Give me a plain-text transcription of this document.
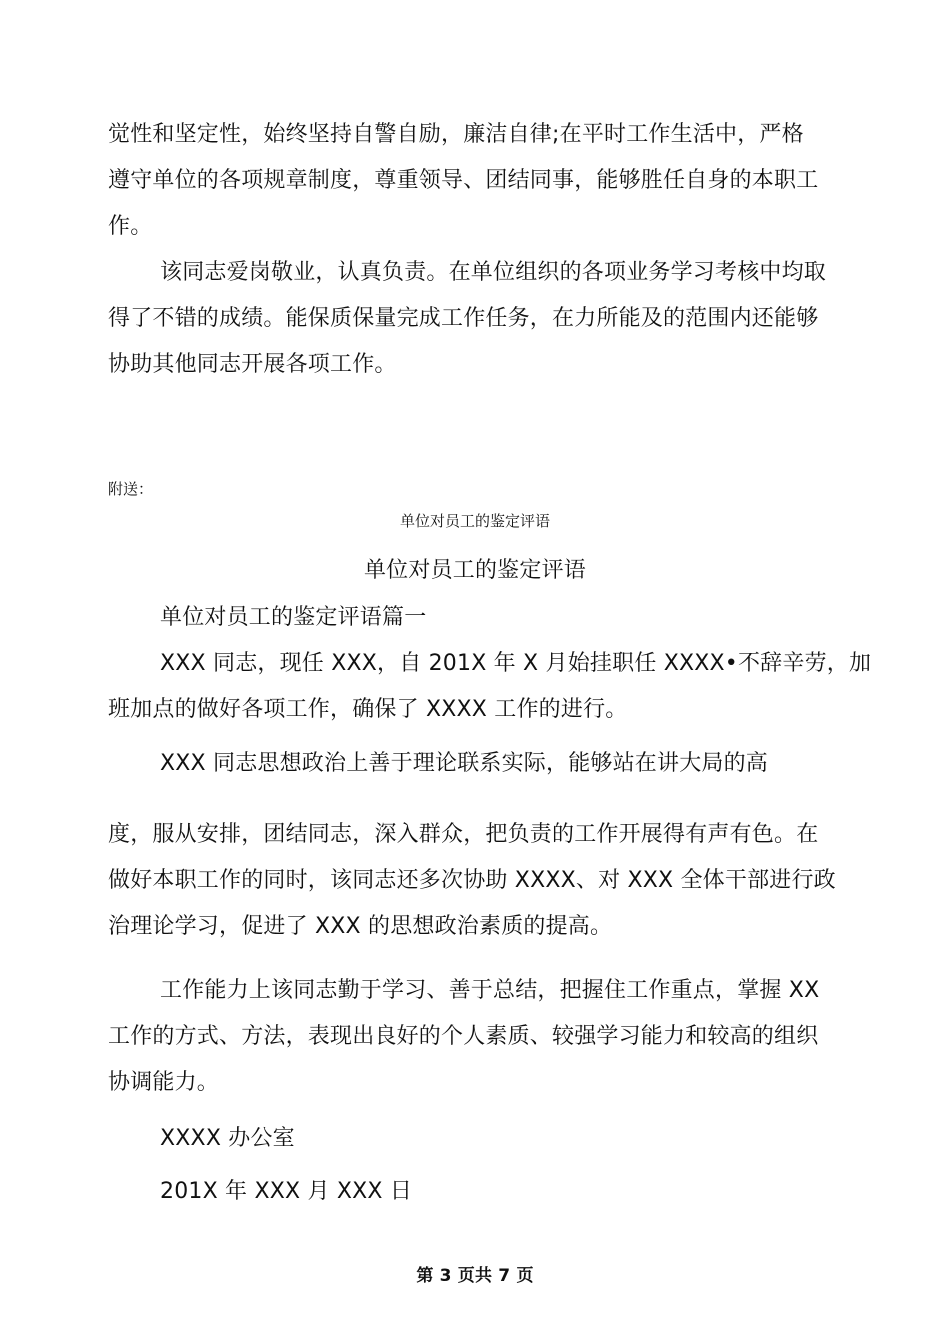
觉性和坚定性，始终坚持自警自励，廉洁自律;在平时工作生活中，严格
遵守单位的各项规章制度，尊重领导、团结同事，能够胜任自身的本职工
作。
该同志爱岗敬业，认真负责。在单位组织的各项业务学习考核中均取
得了不错的成绩。能保质保量完成工作任务，在力所能及的范围内还能够
协助其他同志开展各项工作。
附送：
单位对员工的鉴定评语
单位对员工的鉴定评语
单位对员工的鉴定评语篇一
XXX 同志，现任 XXX，自 201X 年 X 月始挂职任 XXXX•不辞辛劳，加
班加点的做好各项工作，确保了 XXXX 工作的进行。
XXX 同志思想政治上善于理论联系实际，能够站在讲大局的高
度，服从安排，团结同志，深入群众，把负责的工作开展得有声有色。在
做好本职工作的同时，该同志还多次协助 XXXX、对 XXX 全体干部进行政
治理论学习，促进了 XXX 的思想政治素质的提高。
工作能力上该同志勤于学习、善于总结，把握住工作重点，掌握 XX
工作的方式、方法，表现出良好的个人素质、较强学习能力和较高的组织
协调能力。
XXXX 办公室
201X 年 XXX 月 XXX 日
第 3 页共 7 页
